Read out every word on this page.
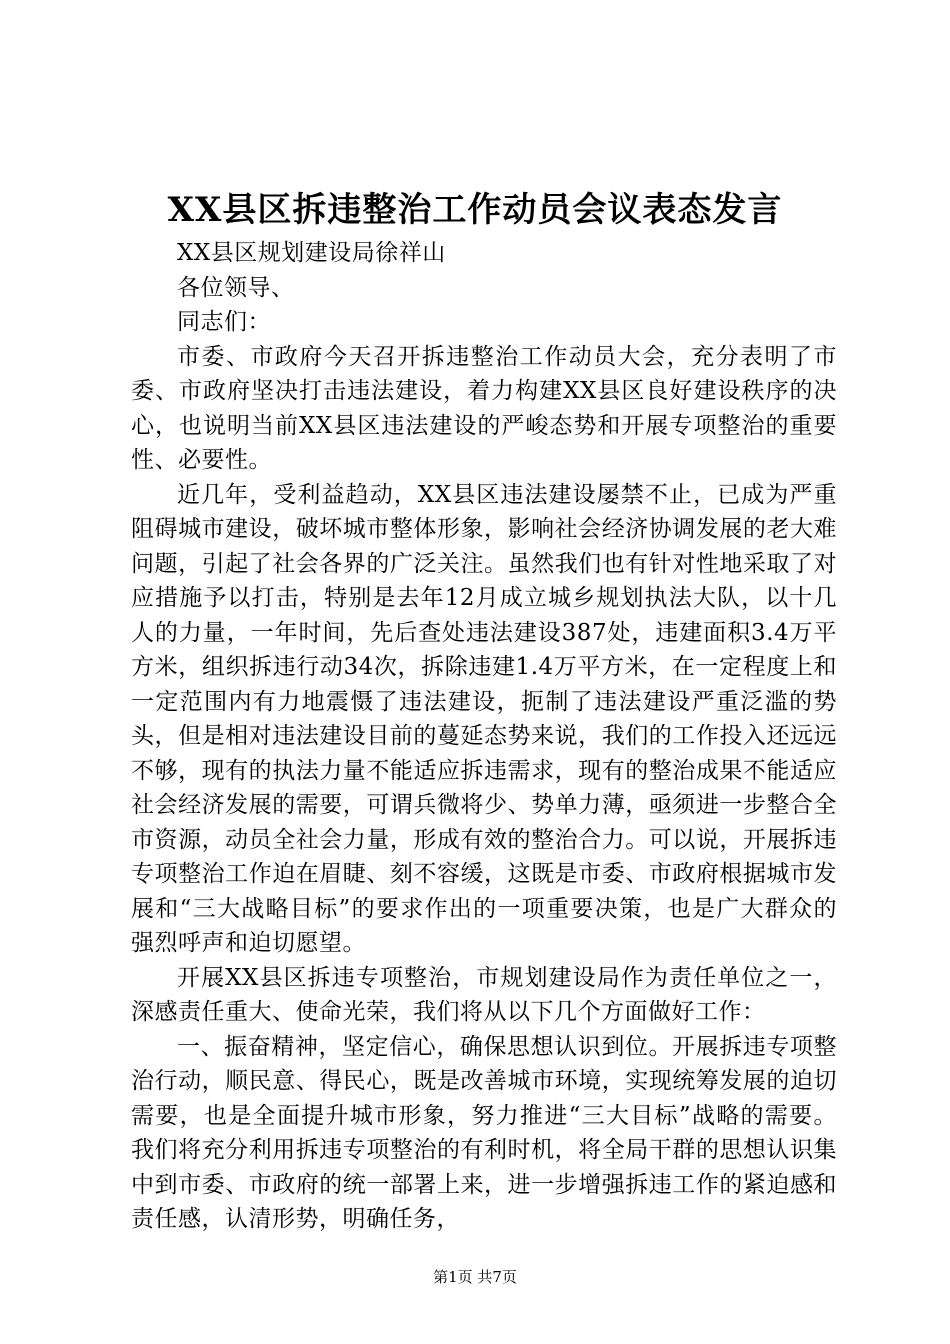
XX县区拆违整治工作动员会议表态发言

XX县区规划建设局徐祥山

各位领导、

同志们：

市委、市政府今天召开拆违整治工作动员大会，充分表明了市委、市政府坚决打击违法建设，着力构建XX县区良好建设秩序的决心，也说明当前XX县区违法建设的严峻态势和开展专项整治的重要性、必要性。

近几年，受利益趋动，XX县区违法建设屡禁不止，已成为严重阻碍城市建设，破坏城市整体形象，影响社会经济协调发展的老大难问题，引起了社会各界的广泛关注。虽然我们也有针对性地采取了对应措施予以打击，特别是去年12月成立城乡规划执法大队，以十几人的力量，一年时间，先后查处违法建设387处，违建面积3.4万平方米，组织拆违行动34次，拆除违建1.4万平方米，在一定程度上和一定范围内有力地震慑了违法建设，扼制了违法建设严重泛滥的势头，但是相对违法建设目前的蔓延态势来说，我们的工作投入还远远不够，现有的执法力量不能适应拆违需求，现有的整治成果不能适应社会经济发展的需要，可谓兵微将少、势单力薄，亟须进一步整合全市资源，动员全社会力量，形成有效的整治合力。可以说，开展拆违专项整治工作迫在眉睫、刻不容缓，这既是市委、市政府根据城市发展和“三大战略目标”的要求作出的一项重要决策，也是广大群众的强烈呼声和迫切愿望。

开展XX县区拆违专项整治，市规划建设局作为责任单位之一，深感责任重大、使命光荣，我们将从以下几个方面做好工作：

一、振奋精神，坚定信心，确保思想认识到位。开展拆违专项整治行动，顺民意、得民心，既是改善城市环境，实现统筹发展的迫切需要，也是全面提升城市形象，努力推进“三大目标”战略的需要。我们将充分利用拆违专项整治的有利时机，将全局干群的思想认识集中到市委、市政府的统一部署上来，进一步增强拆违工作的紧迫感和责任感，认清形势，明确任务，

第1页 共7页
